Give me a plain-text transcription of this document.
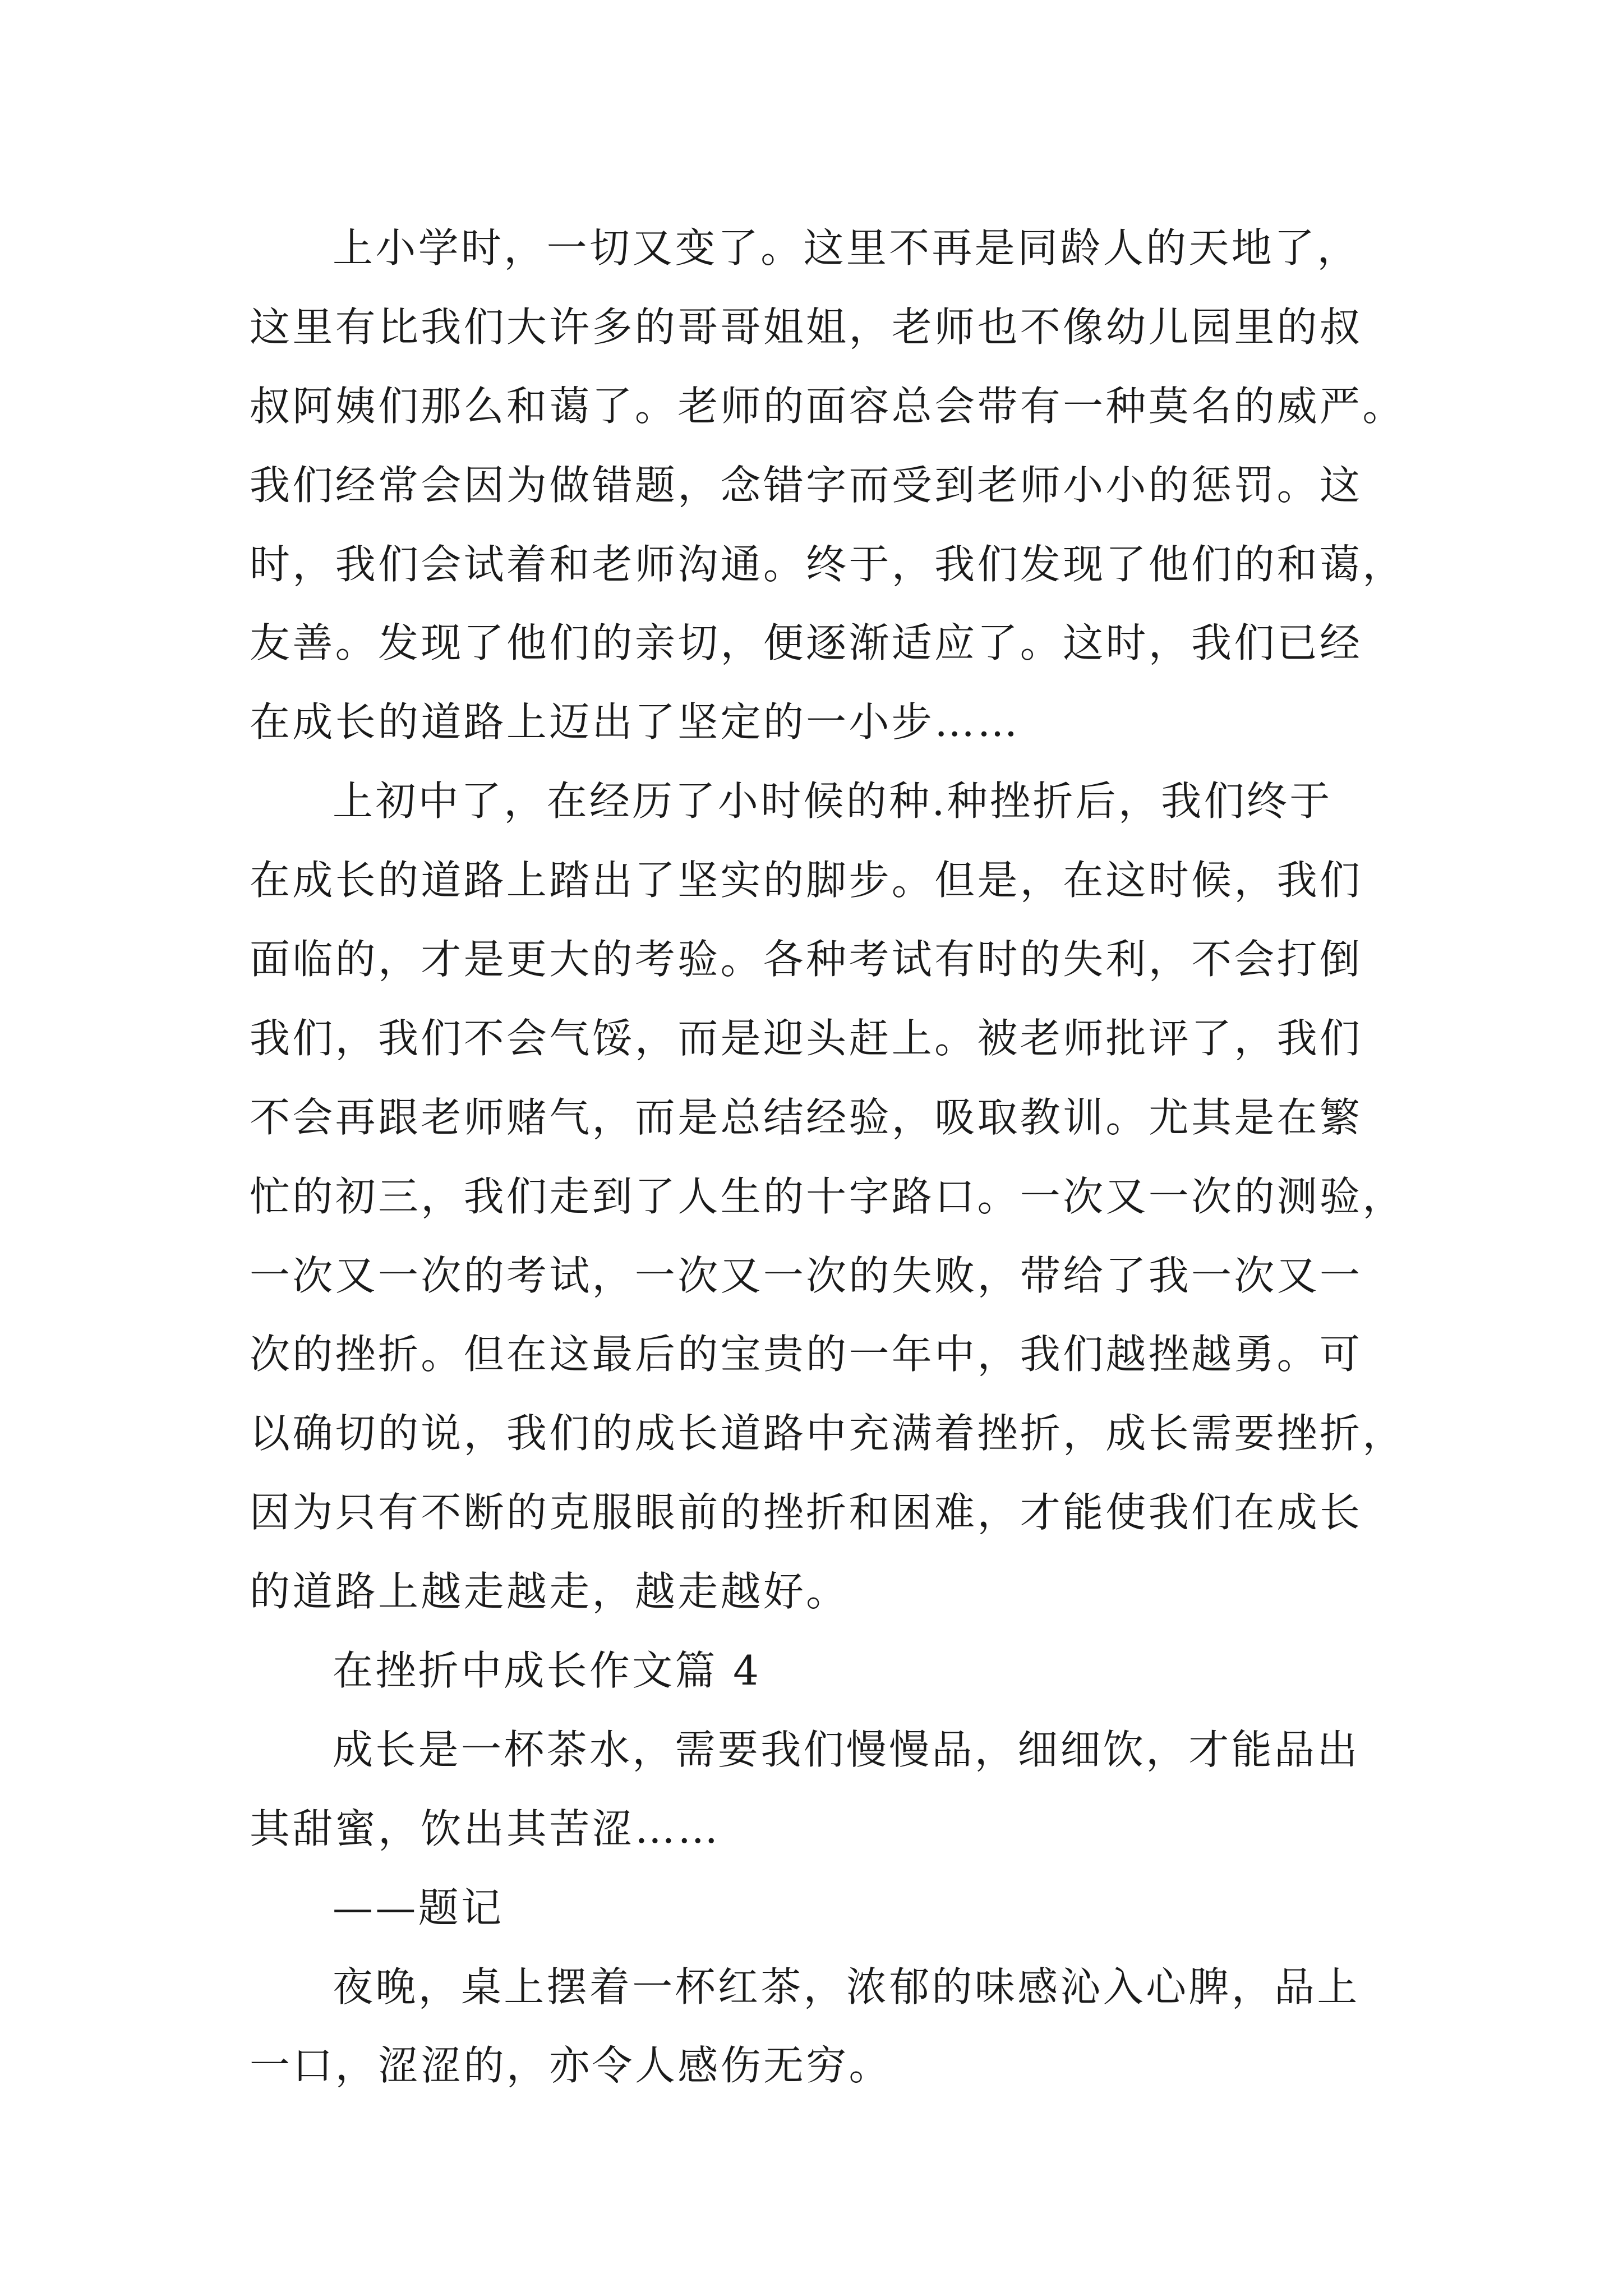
上小学时，一切又变了。这里不再是同龄人的天地了，
这里有比我们大许多的哥哥姐姐，老师也不像幼儿园里的叔
叔阿姨们那么和蔼了。老师的面容总会带有一种莫名的威严。
我们经常会因为做错题，念错字而受到老师小小的惩罚。这
时，我们会试着和老师沟通。终于，我们发现了他们的和蔼，
友善。发现了他们的亲切，便逐渐适应了。这时，我们已经
在成长的道路上迈出了坚定的一小步……
上初中了，在经历了小时候的种.种挫折后，我们终于
在成长的道路上踏出了坚实的脚步。但是，在这时候，我们
面临的，才是更大的考验。各种考试有时的失利，不会打倒
我们，我们不会气馁，而是迎头赶上。被老师批评了，我们
不会再跟老师赌气，而是总结经验，吸取教训。尤其是在繁
忙的初三，我们走到了人生的十字路口。一次又一次的测验，
一次又一次的考试，一次又一次的失败，带给了我一次又一
次的挫折。但在这最后的宝贵的一年中，我们越挫越勇。可
以确切的说，我们的成长道路中充满着挫折，成长需要挫折，
因为只有不断的克服眼前的挫折和困难，才能使我们在成长
的道路上越走越走，越走越好。
在挫折中成长作文篇 4
成长是一杯茶水，需要我们慢慢品，细细饮，才能品出
其甜蜜，饮出其苦涩……
——题记
夜晚，桌上摆着一杯红茶，浓郁的味感沁入心脾，品上
一口，涩涩的，亦令人感伤无穷。
